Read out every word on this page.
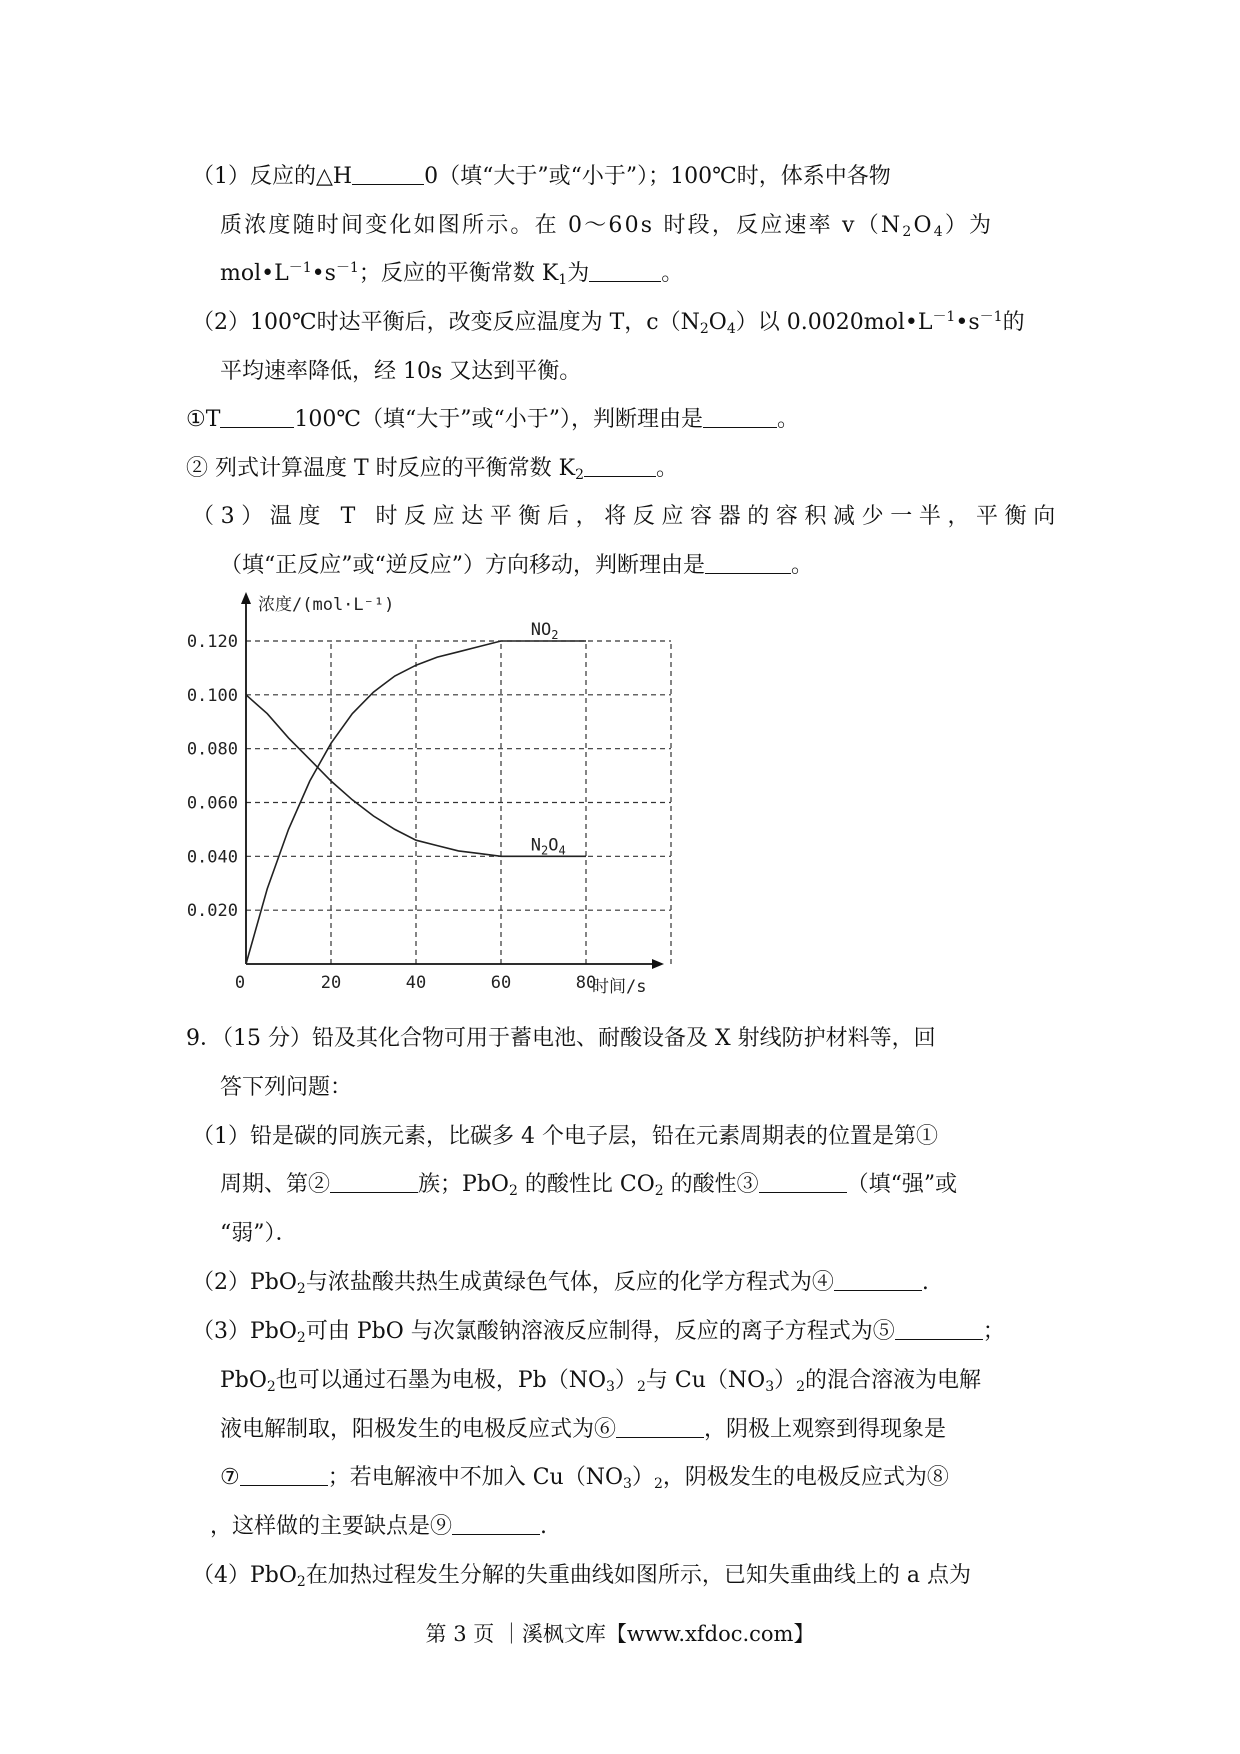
（1）反应的△H	0（填“大于”或“小于”）；100℃时，体系中各物
质浓度随时间变化如图所示。在 0～60s 时段，反应速率 $v(N_2O_4)$为
$mol•L^{-1}•s^{-1}$；反应的平衡常数 $K_1$为	。
（2）100℃时达平衡后，改变反应温度为 T，$c(N_2O_4)$以 $0.0020mol•L^{-1}•s^{-1}$的
平均速率降低，经 10s 又达到平衡。
①T	100℃（填“大于”或“小于”），判断理由是	。
② 列式计算温度 T 时反应的平衡常数 $K_2$	。
（3）温度 T 时反应达平衡后，将反应容器的容积减少一半，平衡向
（填“正反应”或“逆反应”）方向移动，判断理由是	。
0.020
0.040
0.060
0.080
0.100
0.120
0	20	40	60	80
浓度/(mol·L⁻¹)
时间/s
$NO_2$
$N_2O_4$
9．（15 分）铅及其化合物可用于蓄电池、耐酸设备及 X 射线防护材料等，回
答下列问题：
（1）铅是碳的同族元素，比碳多 4 个电子层，铅在元素周期表的位置是第①
周期、第②	族；PbO$_2$ 的酸性比 $CO_2$ 的酸性③	（填“强”或
“弱”）．
（2）PbO$_2$与浓盐酸共热生成黄绿色气体，反应的化学方程式为④	.
（3）PbO$_2$可由 PbO 与次氯酸钠溶液反应制得，反应的离子方程式为⑤	；
PbO$_2$也可以通过石墨为电极，$Pb(NO_3)_2$与 $Cu(NO_3)_2$的混合溶液为电解
液电解制取，阳极发生的电极反应式为⑥	，阴极上观察到得现象是
⑦	；若电解液中不加入 $Cu(NO_3)_2$，阴极发生的电极反应式为⑧
，这样做的主要缺点是⑨	.
（4）PbO$_2$在加热过程发生分解的失重曲线如图所示，已知失重曲线上的 a 点为
第 3 页 ｜溪枫文库【www.xfdoc.com】
